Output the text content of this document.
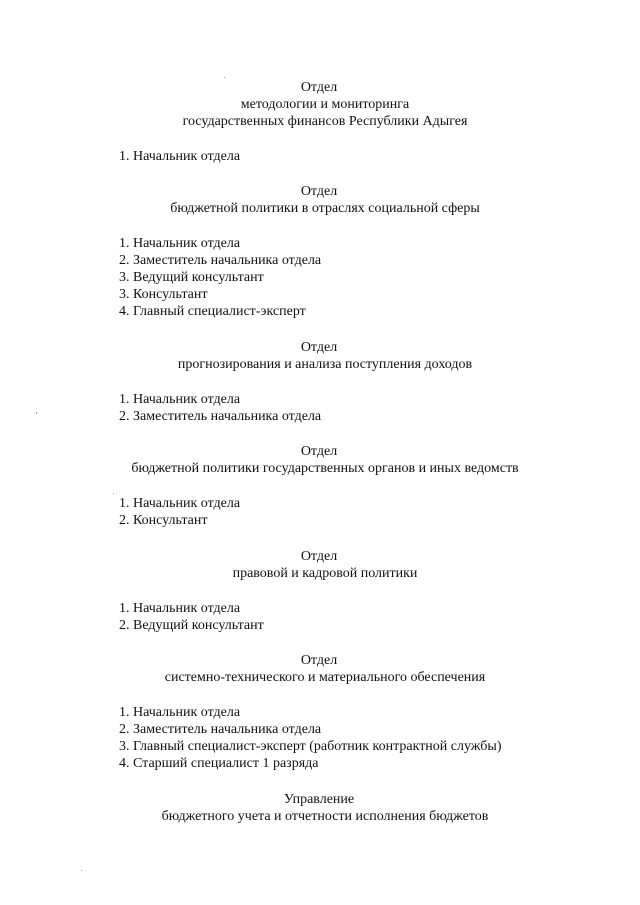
Отдел
методологии и мониторинга
государственных финансов Республики Адыгея
1. Начальник отдела
Отдел
бюджетной политики в отраслях социальной сферы
1. Начальник отдела
2. Заместитель начальника отдела
3. Ведущий консультант
3. Консультант
4. Главный специалист-эксперт
Отдел
прогнозирования и анализа поступления доходов
1. Начальник отдела
2. Заместитель начальника отдела
Отдел
бюджетной политики государственных органов и иных ведомств
1. Начальник отдела
2. Консультант
Отдел
правовой и кадровой политики
1. Начальник отдела
2. Ведущий консультант
Отдел
системно-технического и материального обеспечения
1. Начальник отдела
2. Заместитель начальника отдела
3. Главный специалист-эксперт (работник контрактной службы)
4. Старший специалист 1 разряда
Управление
бюджетного учета и отчетности исполнения бюджетов
